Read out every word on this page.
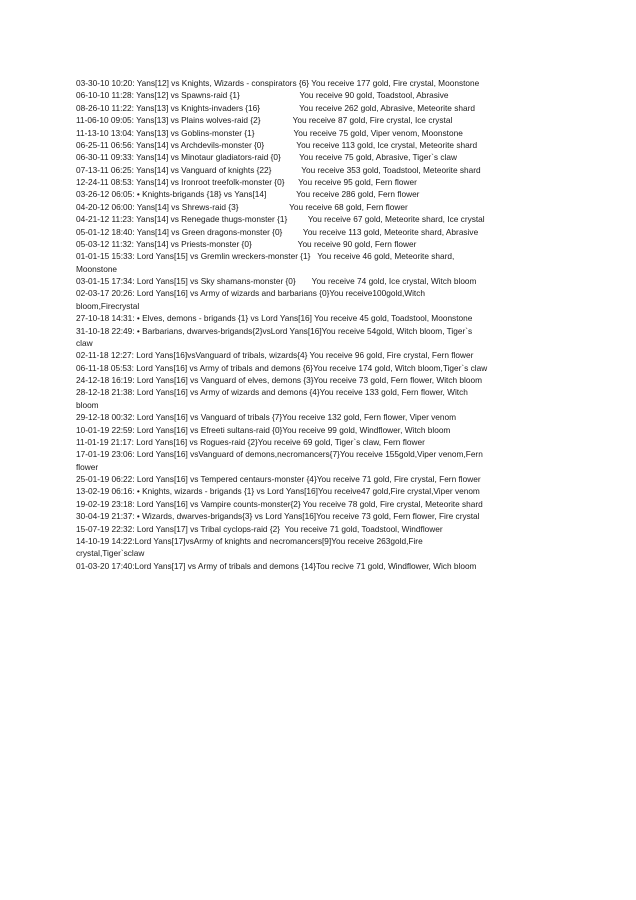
03-30-10 10:20: Yans[12] vs Knights, Wizards - conspirators {6} You receive 177 gold, Fire crystal, Moonstone
06-10-10 11:28: Yans[12] vs Spawns-raid {1}                          You receive 90 gold, Toadstool, Abrasive
08-26-10 11:22: Yans[13] vs Knights-invaders {16}                 You receive 262 gold, Abrasive, Meteorite shard
11-06-10 09:05: Yans[13] vs Plains wolves-raid {2}              You receive 87 gold, Fire crystal, Ice crystal
11-13-10 13:04: Yans[13] vs Goblins-monster {1}                 You receive 75 gold, Viper venom, Moonstone
06-25-11 06:56: Yans[14] vs Archdevils-monster {0}              You receive 113 gold, Ice crystal, Meteorite shard
06-30-11 09:33: Yans[14] vs Minotaur gladiators-raid {0}        You receive 75 gold, Abrasive, Tiger`s claw
07-13-11 06:25: Yans[14] vs Vanguard of knights {22}             You receive 353 gold, Toadstool, Meteorite shard
12-24-11 08:53: Yans[14] vs Ironroot treefolk-monster {0}      You receive 95 gold, Fern flower
03-26-12 06:05: • Knights-brigands {18} vs Yans[14]             You receive 286 gold, Fern flower
04-20-12 06:00: Yans[14] vs Shrews-raid {3}                      You receive 68 gold, Fern flower
04-21-12 11:23: Yans[14] vs Renegade thugs-monster {1}         You receive 67 gold, Meteorite shard, Ice crystal
05-01-12 18:40: Yans[14] vs Green dragons-monster {0}         You receive 113 gold, Meteorite shard, Abrasive
05-03-12 11:32: Yans[14] vs Priests-monster {0}                    You receive 90 gold, Fern flower
01-01-15 15:33: Lord Yans[15] vs Gremlin wreckers-monster {1}   You receive 46 gold, Meteorite shard,
Moonstone
03-01-15 17:34: Lord Yans[15] vs Sky shamans-monster {0}       You receive 74 gold, Ice crystal, Witch bloom
02-03-17 20:26: Lord Yans[16] vs Army of wizards and barbarians {0}You receive100gold,Witch
bloom,Firecrystal
27-10-18 14:31: • Elves, demons - brigands {1} vs Lord Yans[16] You receive 45 gold, Toadstool, Moonstone
31-10-18 22:49: • Barbarians, dwarves-brigands{2}vsLord Yans[16]You receive 54gold, Witch bloom, Tiger`s
claw
02-11-18 12:27: Lord Yans[16]vsVanguard of tribals, wizards{4} You receive 96 gold, Fire crystal, Fern flower
06-11-18 05:53: Lord Yans[16] vs Army of tribals and demons {6}You receive 174 gold, Witch bloom,Tiger`s claw
24-12-18 16:19: Lord Yans[16] vs Vanguard of elves, demons {3}You receive 73 gold, Fern flower, Witch bloom
28-12-18 21:38: Lord Yans[16] vs Army of wizards and demons {4}You receive 133 gold, Fern flower, Witch
bloom
29-12-18 00:32: Lord Yans[16] vs Vanguard of tribals {7}You receive 132 gold, Fern flower, Viper venom
10-01-19 22:59: Lord Yans[16] vs Efreeti sultans-raid {0}You receive 99 gold, Windflower, Witch bloom
11-01-19 21:17: Lord Yans[16] vs Rogues-raid {2}You receive 69 gold, Tiger`s claw, Fern flower
17-01-19 23:06: Lord Yans[16] vsVanguard of demons,necromancers{7}You receive 155gold,Viper venom,Fern
flower
25-01-19 06:22: Lord Yans[16] vs Tempered centaurs-monster {4}You receive 71 gold, Fire crystal, Fern flower
13-02-19 06:16: • Knights, wizards - brigands {1} vs Lord Yans[16]You receive47 gold,Fire crystal,Viper venom
19-02-19 23:18: Lord Yans[16] vs Vampire counts-monster{2} You receive 78 gold, Fire crystal, Meteorite shard
30-04-19 21:37: • Wizards, dwarves-brigands{3} vs Lord Yans[16]You receive 73 gold, Fern flower, Fire crystal
15-07-19 22:32: Lord Yans[17] vs Tribal cyclops-raid {2}  You receive 71 gold, Toadstool, Windflower
14-10-19 14:22:Lord Yans[17]vsArmy of knights and necromancers[9]You receive 263gold,Fire
crystal,Tiger`sclaw
01-03-20 17:40:Lord Yans[17] vs Army of tribals and demons {14}Tou recive 71 gold, Windflower, Wich bloom
